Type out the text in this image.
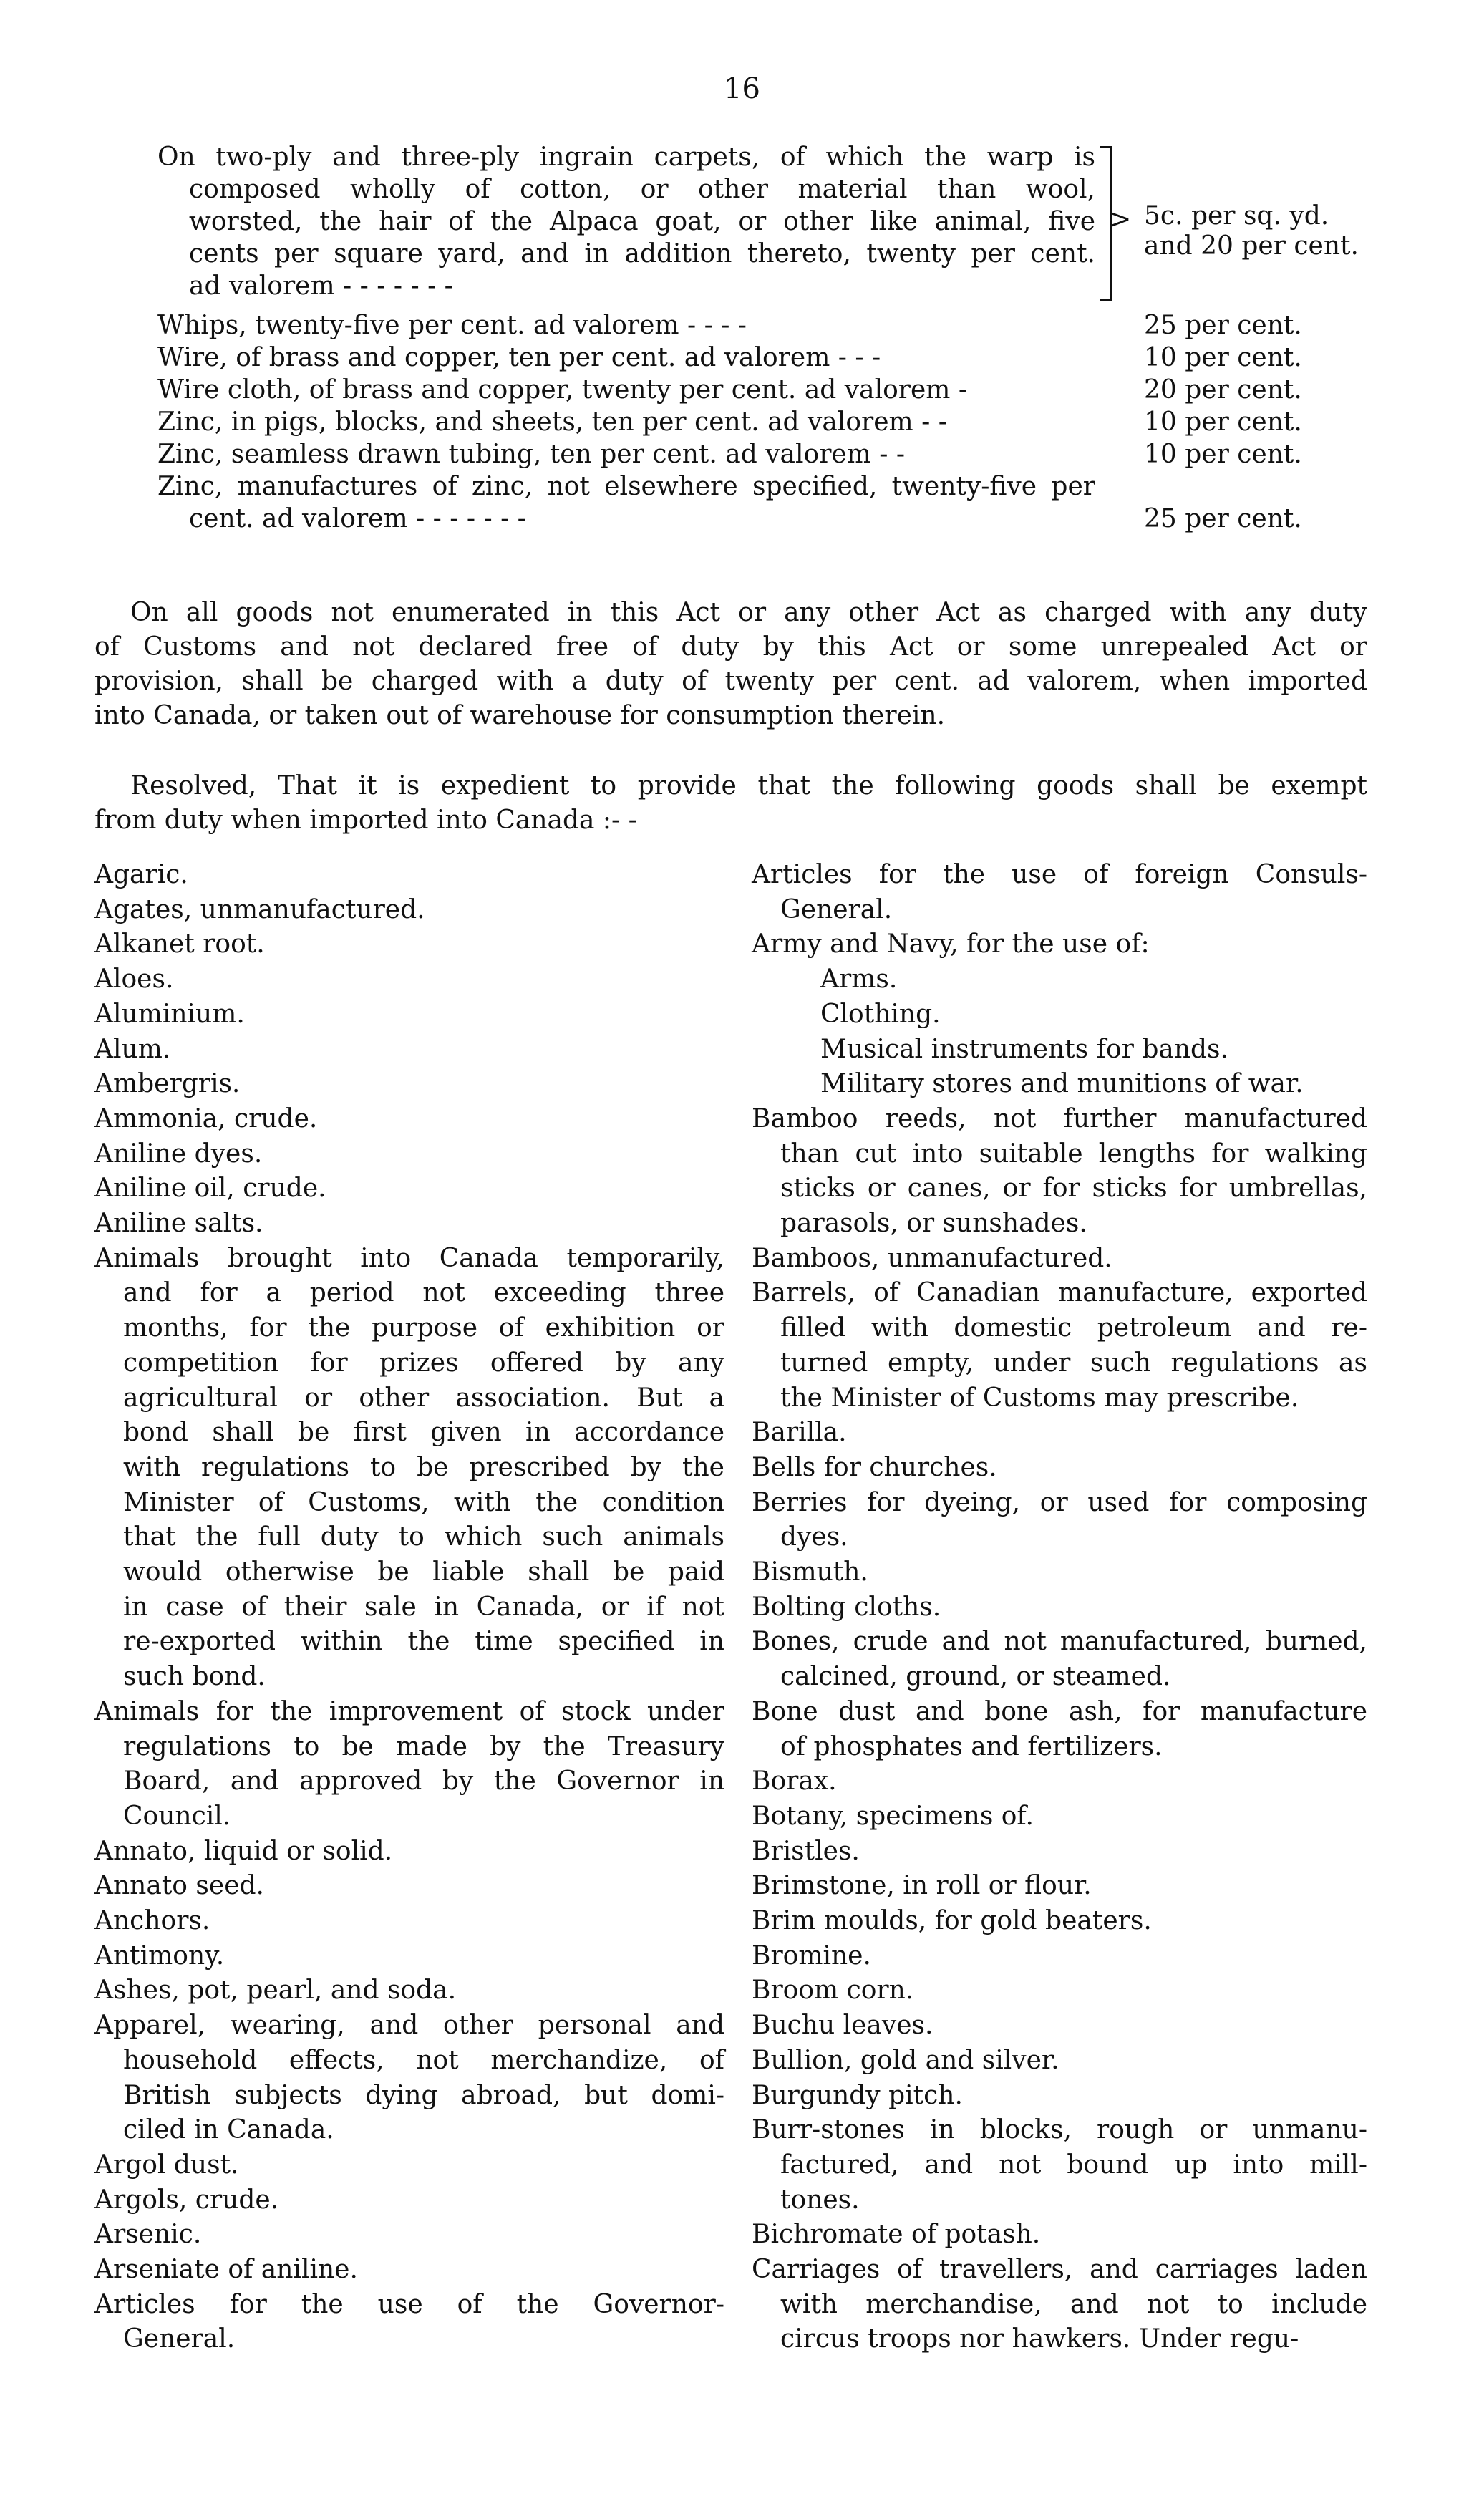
16
On two-ply and three-ply ingrain carpets, of which the warp is
composed wholly of cotton, or other material than wool,
worsted, the hair of the Alpaca goat, or other like animal, five
cents per square yard, and in addition thereto, twenty per cent.
ad valorem - - - - - - -
> 5c. per sq. yd.
and 20 per cent.
Whips, twenty-five per cent. ad valorem - - - -	25 per cent.
Wire, of brass and copper, ten per cent. ad valorem - - -	10 per cent.
Wire cloth, of brass and copper, twenty per cent. ad valorem -	20 per cent.
Zinc, in pigs, blocks, and sheets, ten per cent. ad valorem - -	10 per cent.
Zinc, seamless drawn tubing, ten per cent. ad valorem - -	10 per cent.
Zinc, manufactures of zinc, not elsewhere specified, twenty-five per
cent. ad valorem - - - - - - -	25 per cent.
On all goods not enumerated in this Act or any other Act as charged with any duty
of Customs and not declared free of duty by this Act or some unrepealed Act or
provision, shall be charged with a duty of twenty per cent. ad valorem, when imported
into Canada, or taken out of warehouse for consumption therein.
Resolved, That it is expedient to provide that the following goods shall be exempt
from duty when imported into Canada :- -
Agaric.
Agates, unmanufactured.
Alkanet root.
Aloes.
Aluminium.
Alum.
Ambergris.
Ammonia, crude.
Aniline dyes.
Aniline oil, crude.
Aniline salts.
Animals brought into Canada temporarily,
and for a period not exceeding three
months, for the purpose of exhibition or
competition for prizes offered by any
agricultural or other association. But a
bond shall be first given in accordance
with regulations to be prescribed by the
Minister of Customs, with the condition
that the full duty to which such animals
would otherwise be liable shall be paid
in case of their sale in Canada, or if not
re-exported within the time specified in
such bond.
Animals for the improvement of stock under
regulations to be made by the Treasury
Board, and approved by the Governor in
Council.
Annato, liquid or solid.
Annato seed.
Anchors.
Antimony.
Ashes, pot, pearl, and soda.
Apparel, wearing, and other personal and
household effects, not merchandize, of
British subjects dying abroad, but domi-
ciled in Canada.
Argol dust.
Argols, crude.
Arsenic.
Arseniate of aniline.
Articles for the use of the Governor-
General.
Articles for the use of foreign Consuls-
General.
Army and Navy, for the use of:
Arms.
Clothing.
Musical instruments for bands.
Military stores and munitions of war.
Bamboo reeds, not further manufactured
than cut into suitable lengths for walking
sticks or canes, or for sticks for umbrellas,
parasols, or sunshades.
Bamboos, unmanufactured.
Barrels, of Canadian manufacture, exported
filled with domestic petroleum and re-
turned empty, under such regulations as
the Minister of Customs may prescribe.
Barilla.
Bells for churches.
Berries for dyeing, or used for composing
dyes.
Bismuth.
Bolting cloths.
Bones, crude and not manufactured, burned,
calcined, ground, or steamed.
Bone dust and bone ash, for manufacture
of phosphates and fertilizers.
Borax.
Botany, specimens of.
Bristles.
Brimstone, in roll or flour.
Brim moulds, for gold beaters.
Bromine.
Broom corn.
Buchu leaves.
Bullion, gold and silver.
Burgundy pitch.
Burr-stones in blocks, rough or unmanu-
factured, and not bound up into mill-
tones.
Bichromate of potash.
Carriages of travellers, and carriages laden
with merchandise, and not to include
circus troops nor hawkers. Under regu-
